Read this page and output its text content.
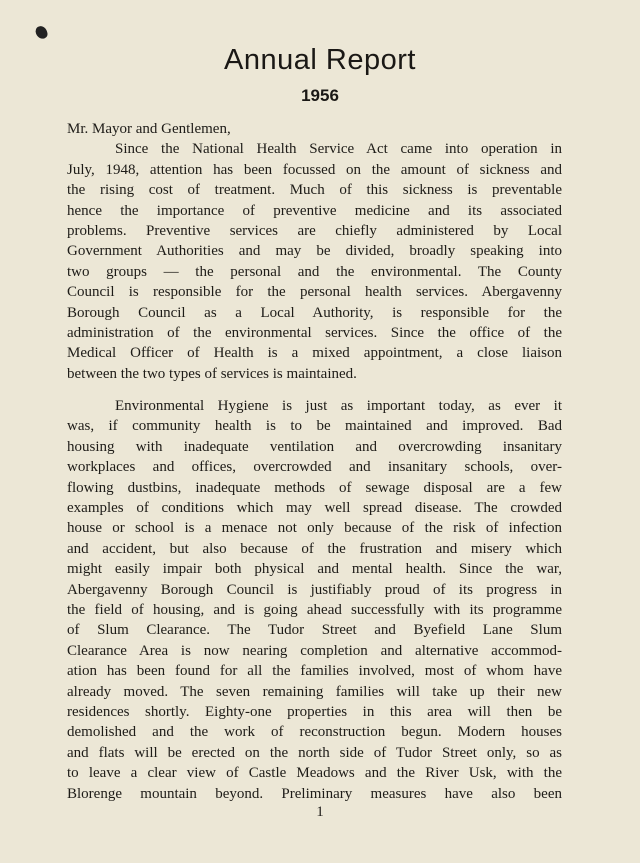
Annual Report
1956
Mr. Mayor and Gentlemen,
Since the National Health Service Act came into operation in
July, 1948, attention has been focussed on the amount of sickness and
the rising cost of treatment. Much of this sickness is preventable
hence the importance of preventive medicine and its associated
problems. Preventive services are chiefly administered by Local
Government Authorities and may be divided, broadly speaking into
two groups — the personal and the environmental. The County
Council is responsible for the personal health services. Abergavenny
Borough Council as a Local Authority, is responsible for the
administration of the environmental services. Since the office of the
Medical Officer of Health is a mixed appointment, a close liaison
between the two types of services is maintained.
Environmental Hygiene is just as important today, as ever it
was, if community health is to be maintained and improved. Bad
housing with inadequate ventilation and overcrowding insanitary
workplaces and offices, overcrowded and insanitary schools, over-
flowing dustbins, inadequate methods of sewage disposal are a few
examples of conditions which may well spread disease. The crowded
house or school is a menace not only because of the risk of infection
and accident, but also because of the frustration and misery which
might easily impair both physical and mental health. Since the war,
Abergavenny Borough Council is justifiably proud of its progress in
the field of housing, and is going ahead successfully with its programme
of Slum Clearance. The Tudor Street and Byefield Lane Slum
Clearance Area is now nearing completion and alternative accommod-
ation has been found for all the families involved, most of whom have
already moved. The seven remaining families will take up their new
residences shortly. Eighty-one properties in this area will then be
demolished and the work of reconstruction begun. Modern houses
and flats will be erected on the north side of Tudor Street only, so as
to leave a clear view of Castle Meadows and the River Usk, with the
Blorenge mountain beyond. Preliminary measures have also been
1
